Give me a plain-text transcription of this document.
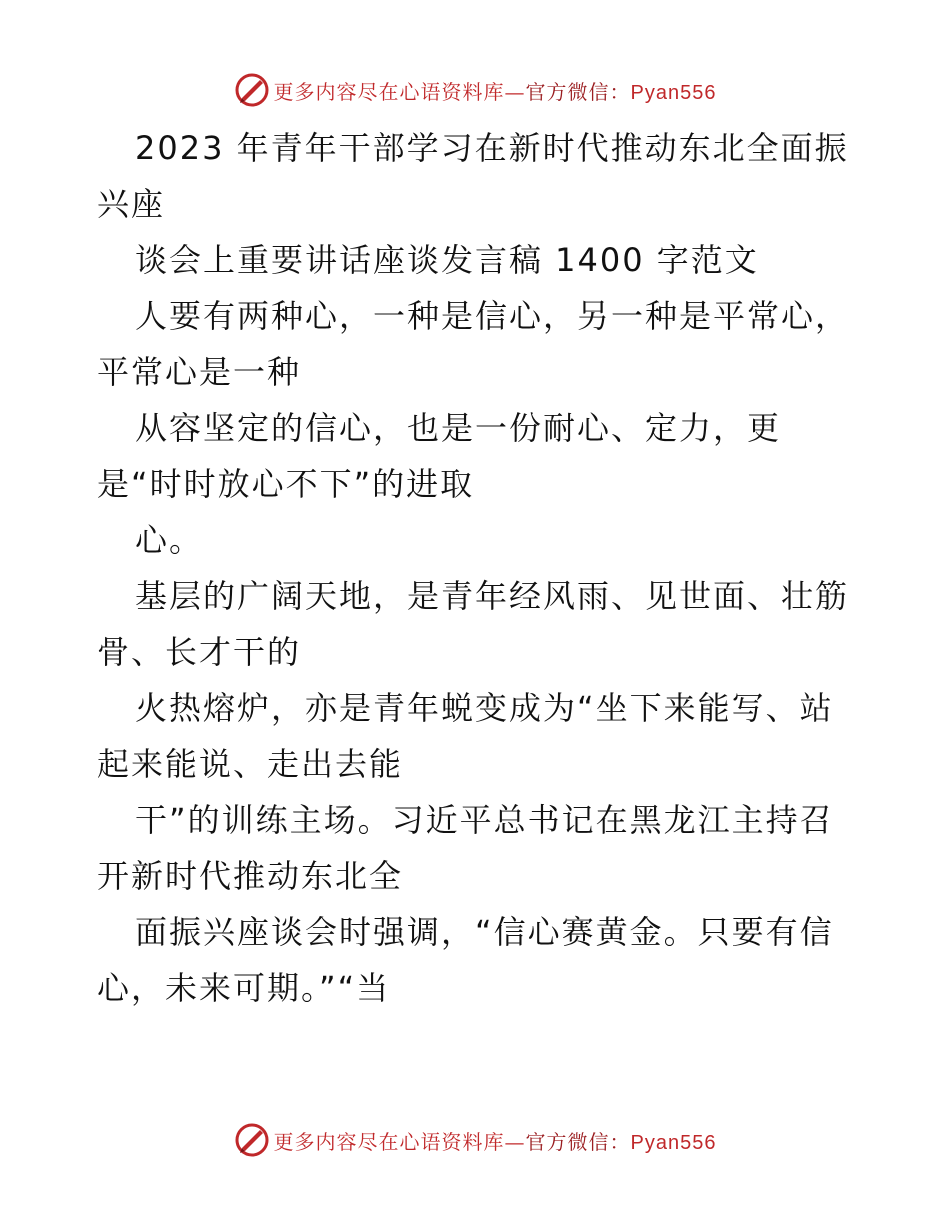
更多内容尽在心语资料库—官方微信：Pyan556
2023 年青年干部学习在新时代推动东北全面振
兴座
谈会上重要讲话座谈发言稿 1400 字范文
人要有两种心，一种是信心，另一种是平常心，
平常心是一种
从容坚定的信心，也是一份耐心、定力，更
是“时时放心不下”的进取
心。
基层的广阔天地，是青年经风雨、见世面、壮筋
骨、长才干的
火热熔炉，亦是青年蜕变成为“坐下来能写、站
起来能说、走出去能
干”的训练主场。习近平总书记在黑龙江主持召
开新时代推动东北全
面振兴座谈会时强调，“信心赛黄金。只要有信
心，未来可期。”“当
更多内容尽在心语资料库—官方微信：Pyan556
